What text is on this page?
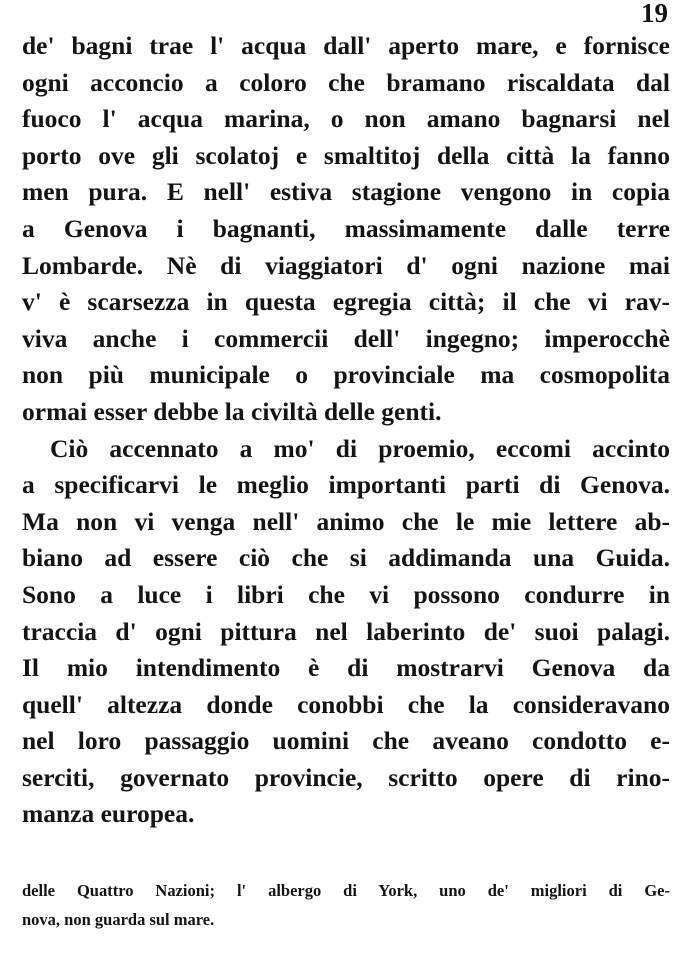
19
de' bagni trae l' acqua dall' aperto mare, e fornisce
ogni acconcio a coloro che bramano riscaldata dal
fuoco l' acqua marina, o non amano bagnarsi nel
porto ove gli scolatoj e smaltitoj della città la fanno
men pura. E nell' estiva stagione vengono in copia
a Genova i bagnanti, massimamente dalle terre
Lombarde. Nè di viaggiatori d' ogni nazione mai
v' è scarsezza in questa egregia città; il che vi rav-
viva anche i commercii dell' ingegno; imperocchè
non più municipale o provinciale ma cosmopolita
ormai esser debbe la civiltà delle genti.
Ciò accennato a mo' di proemio, eccomi accinto
a specificarvi le meglio importanti parti di Genova.
Ma non vi venga nell' animo che le mie lettere ab-
biano ad essere ciò che si addimanda una Guida.
Sono a luce i libri che vi possono condurre in
traccia d' ogni pittura nel laberinto de' suoi palagi.
Il mio intendimento è di mostrarvi Genova da
quell' altezza donde conobbi che la consideravano
nel loro passaggio uomini che aveano condotto e-
serciti, governato provincie, scritto opere di rino-
manza europea.
delle Quattro Nazioni; l' albergo di York, uno de' migliori di Ge-
nova, non guarda sul mare.
